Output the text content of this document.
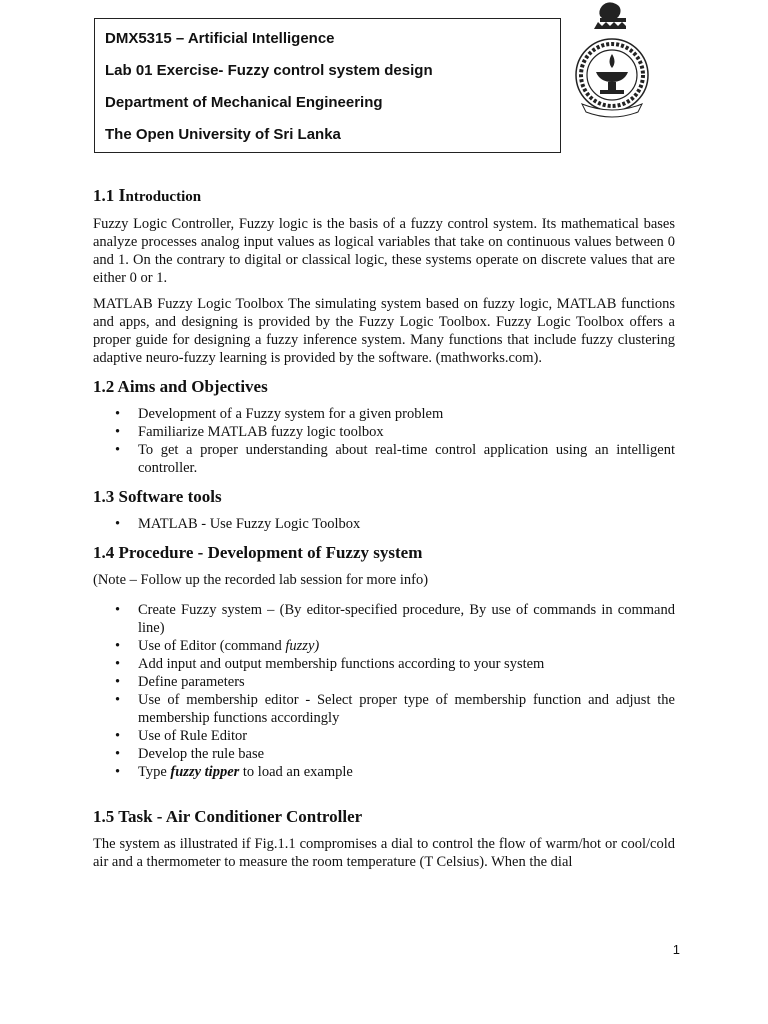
DMX5315 – Artificial Intelligence
Lab 01 Exercise- Fuzzy control system design
Department of Mechanical Engineering
The Open University of Sri Lanka
1.1 Introduction

Fuzzy Logic Controller, Fuzzy logic is the basis of a fuzzy control system. Its mathematical bases analyze processes analog input values as logical variables that take on continuous values between 0 and 1. On the contrary to digital or classical logic, these systems operate on discrete values that are either 0 or 1.

MATLAB Fuzzy Logic Toolbox The simulating system based on fuzzy logic, MATLAB functions and apps, and designing is provided by the Fuzzy Logic Toolbox. Fuzzy Logic Toolbox offers a proper guide for designing a fuzzy inference system. Many functions that include fuzzy clustering adaptive neuro-fuzzy learning is provided by the software. (mathworks.com).

1.2 Aims and Objectives
• Development of a Fuzzy system for a given problem
• Familiarize MATLAB fuzzy logic toolbox
• To get a proper understanding about real-time control application using an intelligent controller.
1.3 Software tools
• MATLAB - Use Fuzzy Logic Toolbox
1.4 Procedure - Development of Fuzzy system

(Note – Follow up the recorded lab session for more info)

• Create Fuzzy system – (By editor-specified procedure, By use of commands in command line)
• Use of Editor (command fuzzy)
• Add input and output membership functions according to your system
• Define parameters
• Use of membership editor - Select proper type of membership function and adjust the membership functions accordingly
• Use of Rule Editor
• Develop the rule base
• Type fuzzy tipper to load an example
1.5 Task - Air Conditioner Controller

The system as illustrated if Fig.1.1 compromises a dial to control the flow of warm/hot or cool/cold air and a thermometer to measure the room temperature (T Celsius). When the dial

1
